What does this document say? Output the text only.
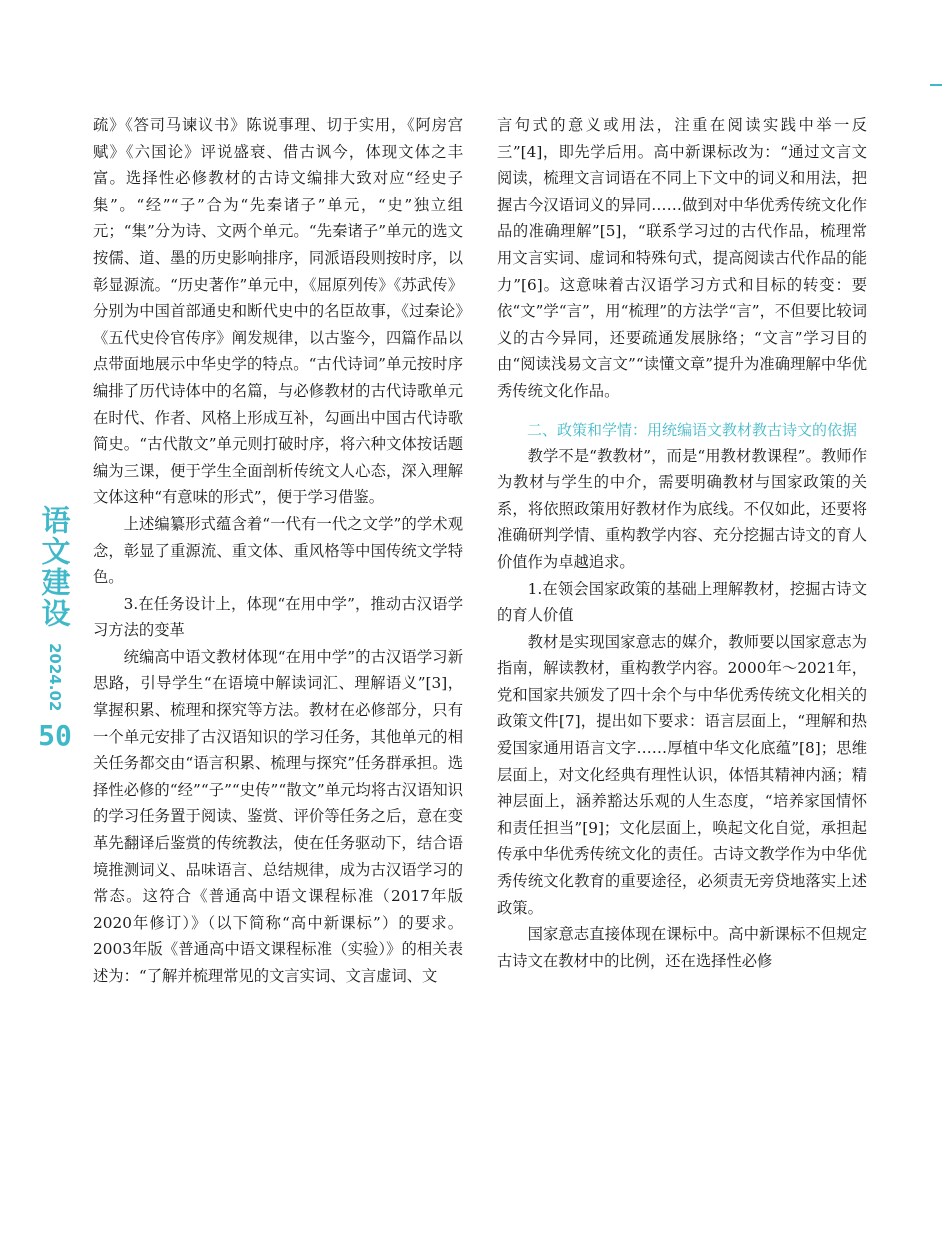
语文建设
2024.02
50

疏》《答司马谏议书》陈说事理、切于实用，《阿房宫赋》《六国论》评说盛衰、借古讽今，体现文体之丰富。选择性必修教材的古诗文编排大致对应“经史子集”。“经”“子”合为“先秦诸子”单元，“史”独立组元；“集”分为诗、文两个单元。“先秦诸子”单元的选文按儒、道、墨的历史影响排序，同派语段则按时序，以彰显源流。“历史著作”单元中，《屈原列传》《苏武传》分别为中国首部通史和断代史中的名臣故事，《过秦论》《五代史伶官传序》阐发规律，以古鉴今，四篇作品以点带面地展示中华史学的特点。“古代诗词”单元按时序编排了历代诗体中的名篇，与必修教材的古代诗歌单元在时代、作者、风格上形成互补，勾画出中国古代诗歌简史。“古代散文”单元则打破时序，将六种文体按话题编为三课，便于学生全面剖析传统文人心态，深入理解文体这种“有意味的形式”，便于学习借鉴。

上述编纂形式蕴含着“一代有一代之文学”的学术观念，彰显了重源流、重文体、重风格等中国传统文学特色。

3.在任务设计上，体现“在用中学”，推动古汉语学习方法的变革

统编高中语文教材体现“在用中学”的古汉语学习新思路，引导学生“在语境中解读词汇、理解语义”[3]，掌握积累、梳理和探究等方法。教材在必修部分，只有一个单元安排了古汉语知识的学习任务，其他单元的相关任务都交由“语言积累、梳理与探究”任务群承担。选择性必修的“经”“子”“史传”“散文”单元均将古汉语知识的学习任务置于阅读、鉴赏、评价等任务之后，意在变革先翻译后鉴赏的传统教法，使在任务驱动下，结合语境推测词义、品味语言、总结规律，成为古汉语学习的常态。这符合《普通高中语文课程标准（2017年版2020年修订）》（以下简称“高中新课标”）的要求。2003年版《普通高中语文课程标准（实验）》的相关表述为：“了解并梳理常见的文言实词、文言虚词、文

言句式的意义或用法，注重在阅读实践中举一反三”[4]，即先学后用。高中新课标改为：“通过文言文阅读，梳理文言词语在不同上下文中的词义和用法，把握古今汉语词义的异同……做到对中华优秀传统文化作品的准确理解”[5]，“联系学习过的古代作品，梳理常用文言实词、虚词和特殊句式，提高阅读古代作品的能力”[6]。这意味着古汉语学习方式和目标的转变：要依“文”学“言”，用“梳理”的方法学“言”，不但要比较词义的古今异同，还要疏通发展脉络；“文言”学习目的由“阅读浅易文言文”“读懂文章”提升为准确理解中华优秀传统文化作品。

二、政策和学情：用统编语文教材教古诗文的依据

教学不是“教教材”，而是“用教材教课程”。教师作为教材与学生的中介，需要明确教材与国家政策的关系，将依照政策用好教材作为底线。不仅如此，还要将准确研判学情、重构教学内容、充分挖掘古诗文的育人价值作为卓越追求。

1.在领会国家政策的基础上理解教材，挖掘古诗文的育人价值

教材是实现国家意志的媒介，教师要以国家意志为指南，解读教材，重构教学内容。2000年～2021年，党和国家共颁发了四十余个与中华优秀传统文化相关的政策文件[7]，提出如下要求：语言层面上，“理解和热爱国家通用语言文字……厚植中华文化底蕴”[8]；思维层面上，对文化经典有理性认识，体悟其精神内涵；精神层面上，涵养豁达乐观的人生态度，“培养家国情怀和责任担当”[9]；文化层面上，唤起文化自觉，承担起传承中华优秀传统文化的责任。古诗文教学作为中华优秀传统文化教育的重要途径，必须责无旁贷地落实上述政策。

国家意志直接体现在课标中。高中新课标不但规定古诗文在教材中的比例，还在选择性必修
